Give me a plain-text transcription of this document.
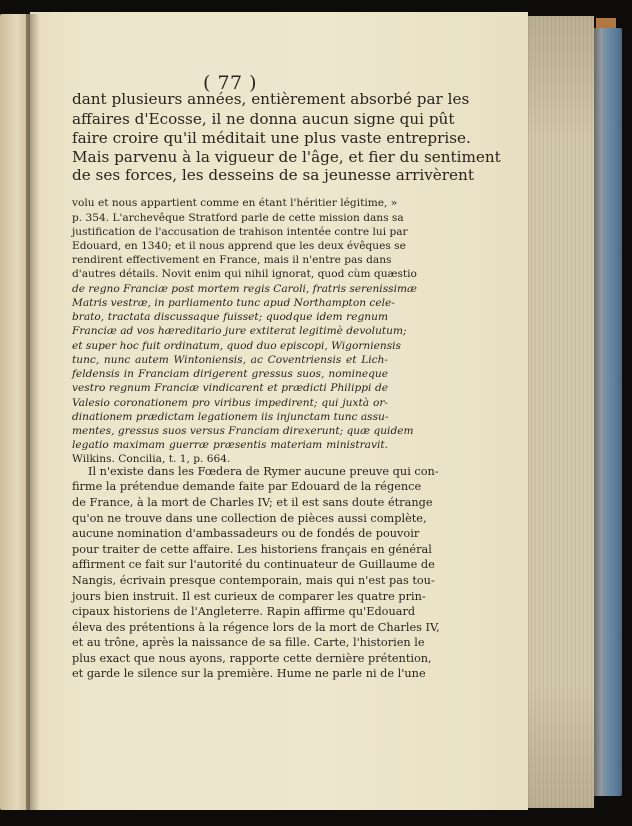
( 77 )
dant plusieurs années, entièrement absorbé par les
affaires d'Ecosse, il ne donna aucun signe qui pût
faire croire qu'il méditait une plus vaste entreprise.
Mais parvenu à la vigueur de l'âge, et fier du sentiment
de ses forces, les desseins de sa jeunesse arrivèrent
volu et nous appartient comme en étant l'héritier légitime, »
p. 354. L'archevêque Stratford parle de cette mission dans sa
justification de l'accusation de trahison intentée contre lui par
Edouard, en 1340; et il nous apprend que les deux évêques se
rendirent effectivement en France, mais il n'entre pas dans
d'autres détails. Novit enim qui nihil ignorat, quod cùm quæstio
de regno Franciæ post mortem regis Caroli, fratris serenissimæ
Matris vestræ, in parliamento tunc apud Northampton cele-
brato, tractata discussaque fuisset; quodque idem regnum
Franciæ ad vos hæreditario jure extiterat legitimè devolutum;
et super hoc fuit ordinatum, quod duo episcopi, Wigorniensis
tunc, nunc autem Wintoniensis, ac Coventriensis et Lich-
feldensis in Franciam dirigerent gressus suos, nomineque
vestro regnum Franciæ vindicarent et prædicti Philippi de
Valesio coronationem pro viribus impedirent; qui juxtà or-
dinationem prædictam legationem iis injunctam tunc assu-
mentes, gressus suos versus Franciam direxerunt; quæ quidem
legatio maximam guerræ præsentis materiam ministravit.
Wilkins. Concilia, t. 1, p. 664.
Il n'existe dans les Fœdera de Rymer aucune preuve qui con-
firme la prétendue demande faite par Edouard de la régence
de France, à la mort de Charles IV; et il est sans doute étrange
qu'on ne trouve dans une collection de pièces aussi complète,
aucune nomination d'ambassadeurs ou de fondés de pouvoir
pour traiter de cette affaire. Les historiens français en général
affirment ce fait sur l'autorité du continuateur de Guillaume de
Nangis, écrivain presque contemporain, mais qui n'est pas tou-
jours bien instruit. Il est curieux de comparer les quatre prin-
cipaux historiens de l'Angleterre. Rapin affirme qu'Edouard
éleva des prétentions à la régence lors de la mort de Charles IV,
et au trône, après la naissance de sa fille. Carte, l'historien le
plus exact que nous ayons, rapporte cette dernière prétention,
et garde le silence sur la première. Hume ne parle ni de l'une
